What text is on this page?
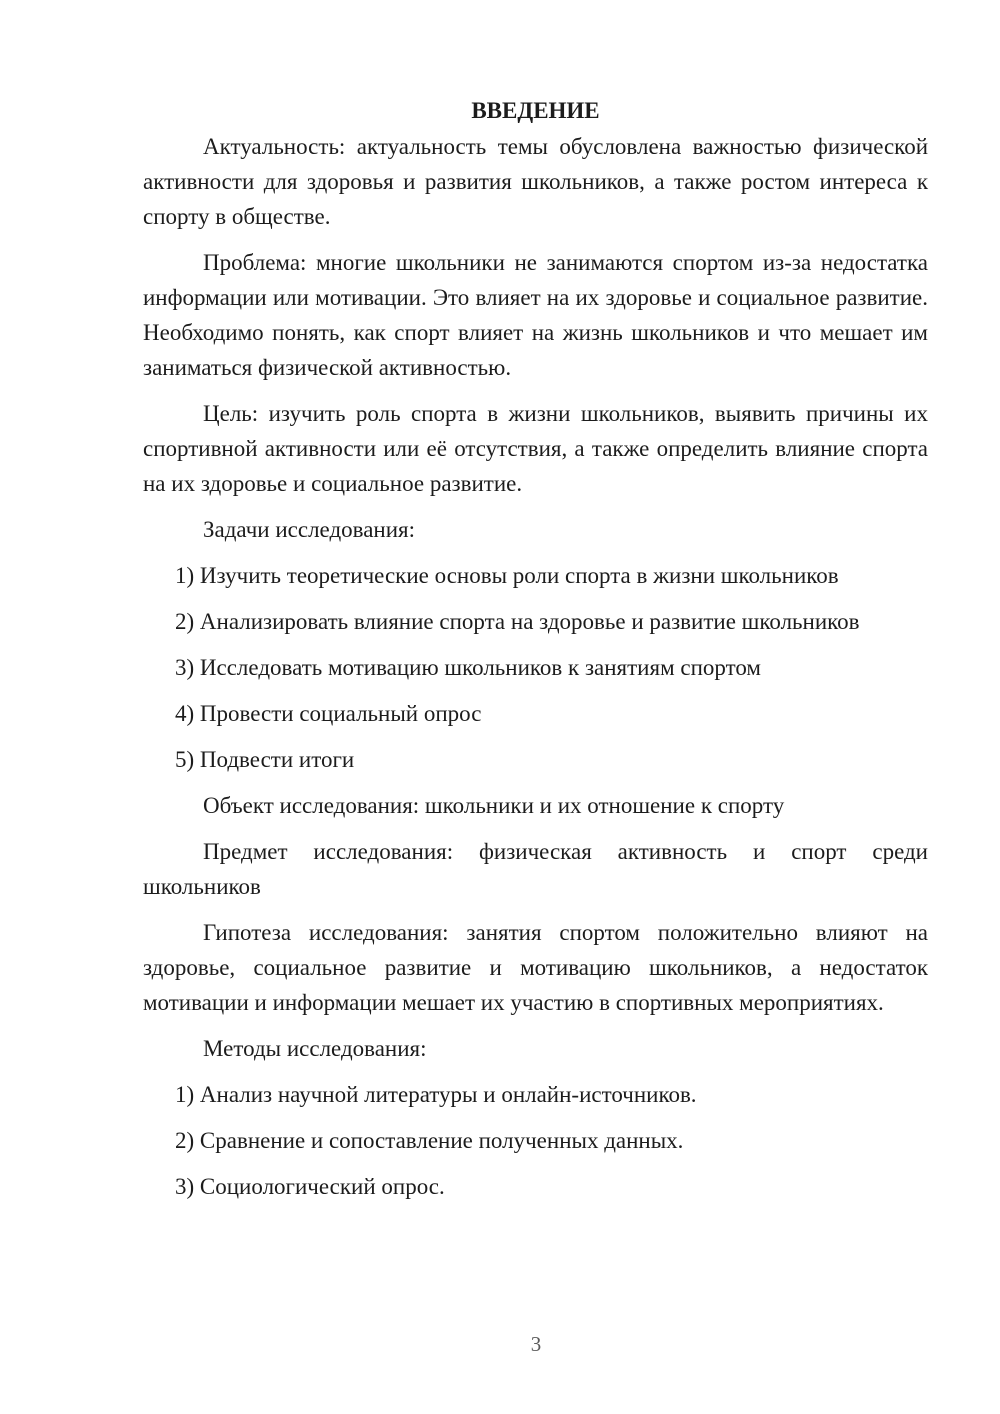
ВВЕДЕНИЕ

Актуальность: актуальность темы обусловлена важностью физической активности для здоровья и развития школьников, а также ростом интереса к спорту в обществе.

Проблема: многие школьники не занимаются спортом из-за недостатка информации или мотивации. Это влияет на их здоровье и социальное развитие. Необходимо понять, как спорт влияет на жизнь школьников и что мешает им заниматься физической активностью.

Цель: изучить роль спорта в жизни школьников, выявить причины их спортивной активности или её отсутствия, а также определить влияние спорта на их здоровье и социальное развитие.

Задачи исследования:
1) Изучить теоретические основы роли спорта в жизни школьников
2) Анализировать влияние спорта на здоровье и развитие школьников
3) Исследовать мотивацию школьников к занятиям спортом
4) Провести социальный опрос
5) Подвести итоги
Объект исследования: школьники и их отношение к спорту

Предмет исследования: физическая активность и спорт среди школьников

Гипотеза исследования: занятия спортом положительно влияют на здоровье, социальное развитие и мотивацию школьников, а недостаток мотивации и информации мешает их участию в спортивных мероприятиях.

Методы исследования:
1) Анализ научной литературы и онлайн-источников.
2) Сравнение и сопоставление полученных данных.
3) Социологический опрос.
3
